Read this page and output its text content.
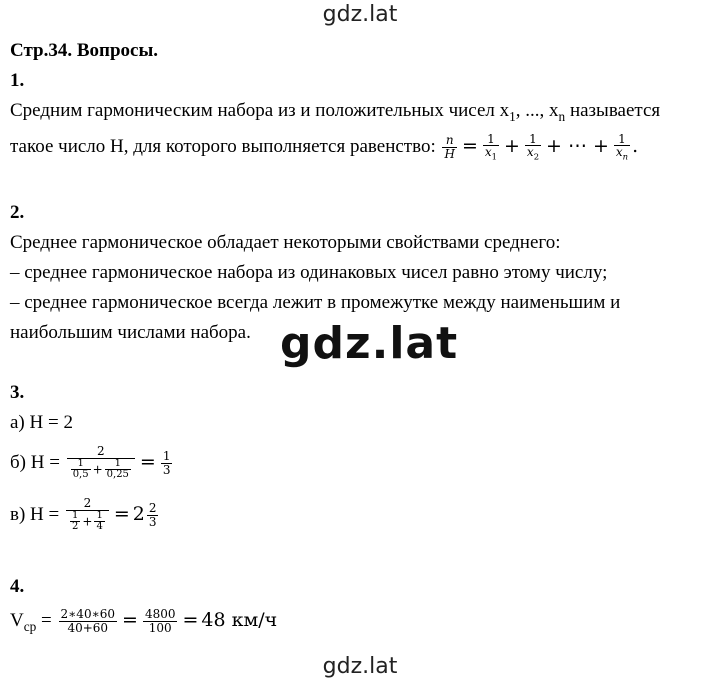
gdz.lat
Стр.34. Вопросы.
1.
Средним гармоническим набора из и положительных чисел $x_1$, ..., $x_n$ называется
такое число H, для которого выполняется равенство: $\frac{n}{H} = \frac{1}{x_1} + \frac{1}{x_2}$ + ⋯ + $\frac{1}{x_n}$ .
2.
Среднее гармоническое обладает некоторыми свойствами среднего:
– среднее гармоническое набора из одинаковых чисел равно этому числу;
– среднее гармоническое всегда лежит в промежутке между наименьшим и
наибольшим числами набора. gdz.lat
3.
а) H = 2
б) $H = \frac{2}{\frac{1}{0,5} + \frac{1}{0,25}} = \frac{1}{3}$
в) $H = \frac{2}{\frac{1}{2} + \frac{1}{4}} = 2 \frac{2}{3}$
4.
$V_{ср} = \frac{2∗40∗60}{40+60} = \frac{4800}{100} = 48$ км/ч
gdz.lat
